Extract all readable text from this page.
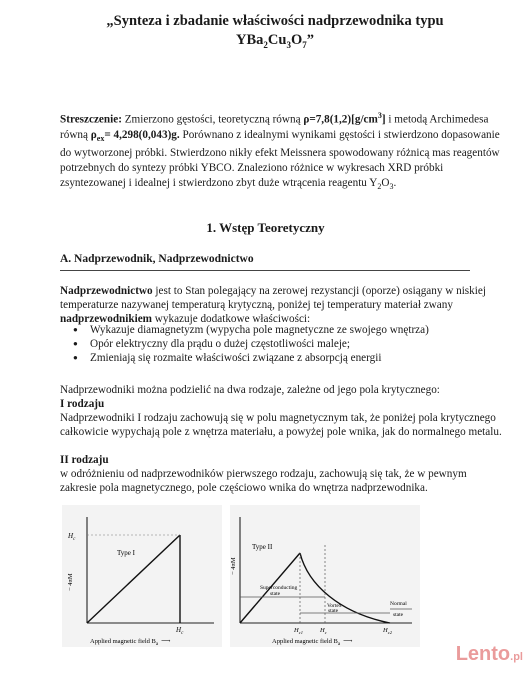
„Synteza i zbadanie właściwości nadprzewodnika typu
$YBa_2Cu_3O_7$”
Streszczenie: Zmierzono gęstości, teoretyczną równą $\rho=7,8(1,2)[g/cm^3]$ i metodą Archimedesa równą $\rho_{ex}= 4,298(0,043)g$. Porównano z idealnymi wynikami gęstości i stwierdzono dopasowanie do wytworzonej próbki. Stwierdzono nikły efekt Meissnera spowodowany różnicą mas reagentów potrzebnych do syntezy próbki YBCO. Znaleziono różnice w wykresach XRD próbki zsyntezowanej i idealnej i stwierdzono zbyt duże wtrącenia reagentu $Y_2O_3$.
1. Wstęp Teoretyczny
A. Nadprzewodnik, Nadprzewodnictwo
Nadprzewodnictwo jest to Stan polegający na zerowej rezystancji (oporze) osiągany w niskiej temperaturze nazywanej temperaturą krytyczną, poniżej tej temperatury materiał zwany nadprzewodnikiem wykazuje dodatkowe właściwości:
● Wykazuje diamagnetyzm (wypycha pole magnetyczne ze swojego wnętrza)
● Opór elektryczny dla prądu o dużej częstotliwości maleje;
● Zmieniają się rozmaite właściwości związane z absorpcją energii
Nadprzewodniki można podzielić na dwa rodzaje, zależne od jego pola krytycznego:
I rodzaju
Nadprzewodniki I rodzaju zachowują się w polu magnetycznym tak, że poniżej pola krytycznego całkowicie wypychają pole z wnętrza materiału, a powyżej pole wnika, jak do normalnego metalu.
II rodzaju
w odróżnieniu od nadprzewodników pierwszego rodzaju, zachowują się tak, że w pewnym zakresie pola magnetycznego, pole częściowo wnika do wnętrza nadprzewodnika.
$H_c$
− 4πM
Type I
$H_c$
Applied magnetic field $B_a$ ⟶
Type II
− 4πM
Superconducting
state
Vortex
state
Normal
state
$H_{c1}$	$H_c$	$H_{c2}$
Applied magnetic field $B_a$ ⟶
Lento.pl
